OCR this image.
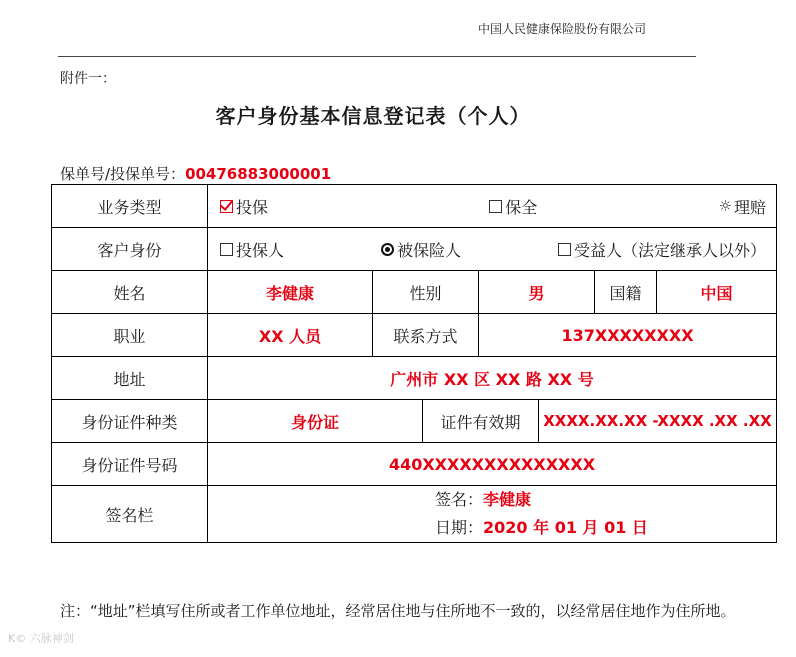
中国人民健康保险股份有限公司
附件一：
客户身份基本信息登记表（个人）
保单号/投保单号：00476883000001
业务类型	投保 保全 ☼ 理赔						

客户身份	投保人 被保险人 受益人（法定继承人以外）						

姓名	李健康	性别		男		国籍	中国
职业	XX 人员	联系方式		137XXXXXXXX			
地址	广州市 XX 区 XX 路 XX 号						
身份证件种类	身份证		证件有效期		XXXX.XX.XX -XXXX .XX .XX		
身份证件号码	440XXXXXXXXXXXXXX						
签名栏	签名：李健康
日期：2020 年 01 月 01 日						
注：“地址”栏填写住所或者工作单位地址，经常居住地与住所地不一致的，以经常居住地作为住所地。
K© 六脉神剑
